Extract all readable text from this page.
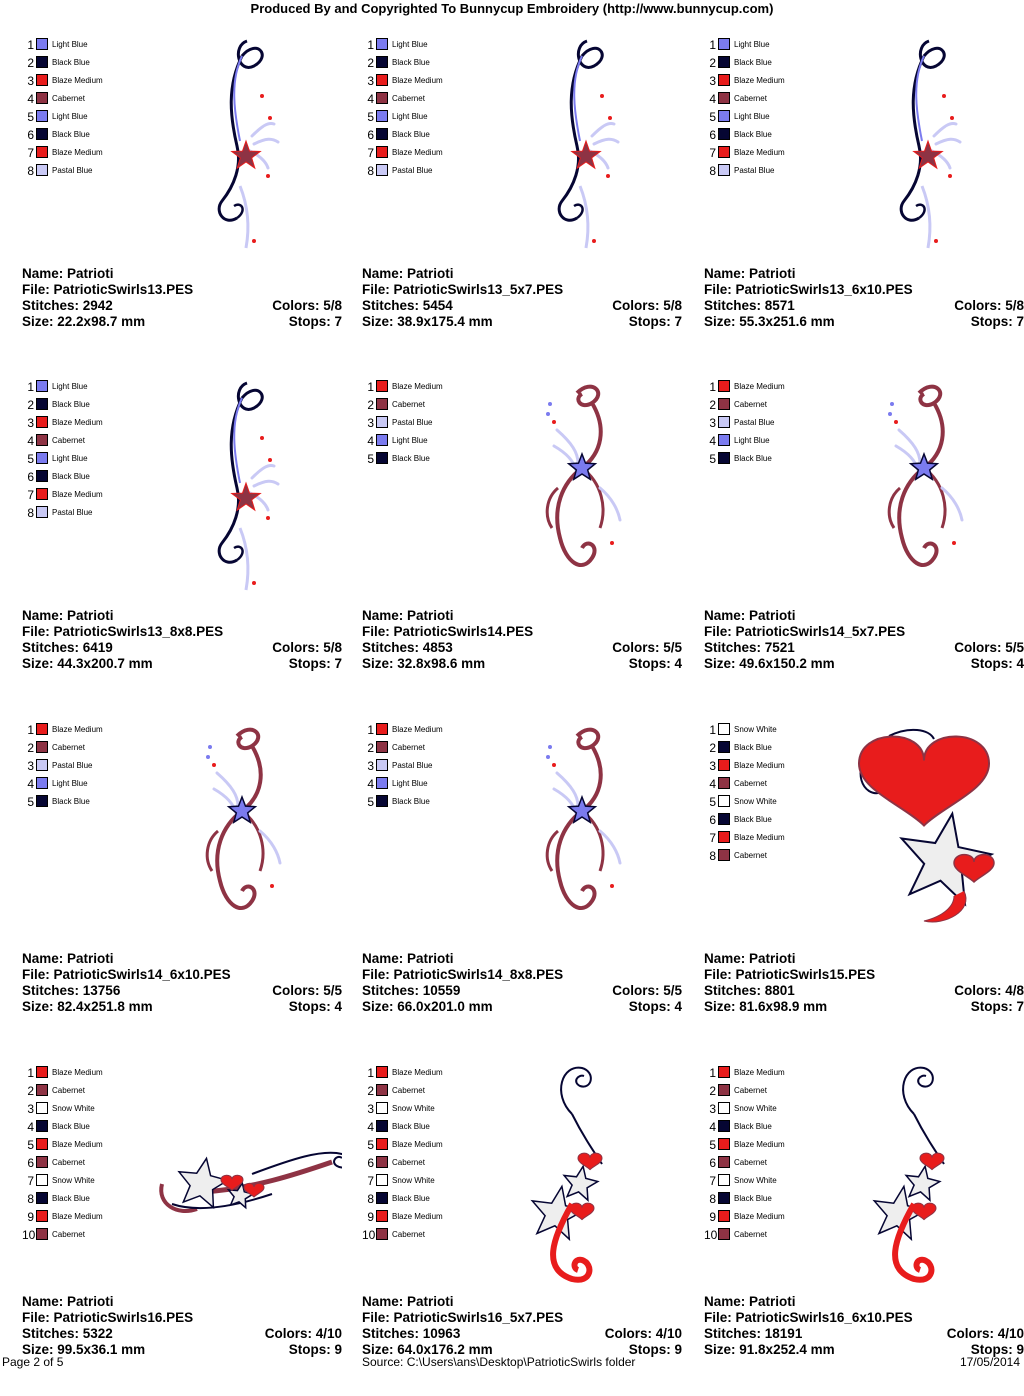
Produced By and Copyrighted To Bunnycup Embroidery (http://www.bunnycup.com)
1 Light Blue
2 Black Blue
3 Blaze Medium
4 Cabernet
5 Light Blue
6 Black Blue
7 Blaze Medium
8 Pastal Blue
Name: Patrioti
File: PatrioticSwirls13.PES
Stitches: 2942	Colors: 5/8
Size: 22.2x98.7 mm	Stops: 7
1 Light Blue
2 Black Blue
3 Blaze Medium
4 Cabernet
5 Light Blue
6 Black Blue
7 Blaze Medium
8 Pastal Blue
Name: Patrioti
File: PatrioticSwirls13_5x7.PES
Stitches: 5454	Colors: 5/8
Size: 38.9x175.4 mm	Stops: 7
1 Light Blue
2 Black Blue
3 Blaze Medium
4 Cabernet
5 Light Blue
6 Black Blue
7 Blaze Medium
8 Pastal Blue
Name: Patrioti
File: PatrioticSwirls13_6x10.PES
Stitches: 8571	Colors: 5/8
Size: 55.3x251.6 mm	Stops: 7
1 Light Blue
2 Black Blue
3 Blaze Medium
4 Cabernet
5 Light Blue
6 Black Blue
7 Blaze Medium
8 Pastal Blue
Name: Patrioti
File: PatrioticSwirls13_8x8.PES
Stitches: 6419	Colors: 5/8
Size: 44.3x200.7 mm	Stops: 7
1 Blaze Medium
2 Cabernet
3 Pastal Blue
4 Light Blue
5 Black Blue
Name: Patrioti
File: PatrioticSwirls14.PES
Stitches: 4853	Colors: 5/5
Size: 32.8x98.6 mm	Stops: 4
1 Blaze Medium
2 Cabernet
3 Pastal Blue
4 Light Blue
5 Black Blue
Name: Patrioti
File: PatrioticSwirls14_5x7.PES
Stitches: 7521	Colors: 5/5
Size: 49.6x150.2 mm	Stops: 4
1 Blaze Medium
2 Cabernet
3 Pastal Blue
4 Light Blue
5 Black Blue
Name: Patrioti
File: PatrioticSwirls14_6x10.PES
Stitches: 13756	Colors: 5/5
Size: 82.4x251.8 mm	Stops: 4
1 Blaze Medium
2 Cabernet
3 Pastal Blue
4 Light Blue
5 Black Blue
Name: Patrioti
File: PatrioticSwirls14_8x8.PES
Stitches: 10559	Colors: 5/5
Size: 66.0x201.0 mm	Stops: 4
1 Snow White
2 Black Blue
3 Blaze Medium
4 Cabernet
5 Snow White
6 Black Blue
7 Blaze Medium
8 Cabernet
Name: Patrioti
File: PatrioticSwirls15.PES
Stitches: 8801	Colors: 4/8
Size: 81.6x98.9 mm	Stops: 7
1 Blaze Medium
2 Cabernet
3 Snow White
4 Black Blue
5 Blaze Medium
6 Cabernet
7 Snow White
8 Black Blue
9 Blaze Medium
10 Cabernet
Name: Patrioti
File: PatrioticSwirls16.PES
Stitches: 5322	Colors: 4/10
Size: 99.5x36.1 mm	Stops: 9
1 Blaze Medium
2 Cabernet
3 Snow White
4 Black Blue
5 Blaze Medium
6 Cabernet
7 Snow White
8 Black Blue
9 Blaze Medium
10 Cabernet
Name: Patrioti
File: PatrioticSwirls16_5x7.PES
Stitches: 10963	Colors: 4/10
Size: 64.0x176.2 mm	Stops: 9
1 Blaze Medium
2 Cabernet
3 Snow White
4 Black Blue
5 Blaze Medium
6 Cabernet
7 Snow White
8 Black Blue
9 Blaze Medium
10 Cabernet
Name: Patrioti
File: PatrioticSwirls16_6x10.PES
Stitches: 18191	Colors: 4/10
Size: 91.8x252.4 mm	Stops: 9
Page 2 of 5	Source: C:\Users\ans\Desktop\PatrioticSwirls folder	17/05/2014
